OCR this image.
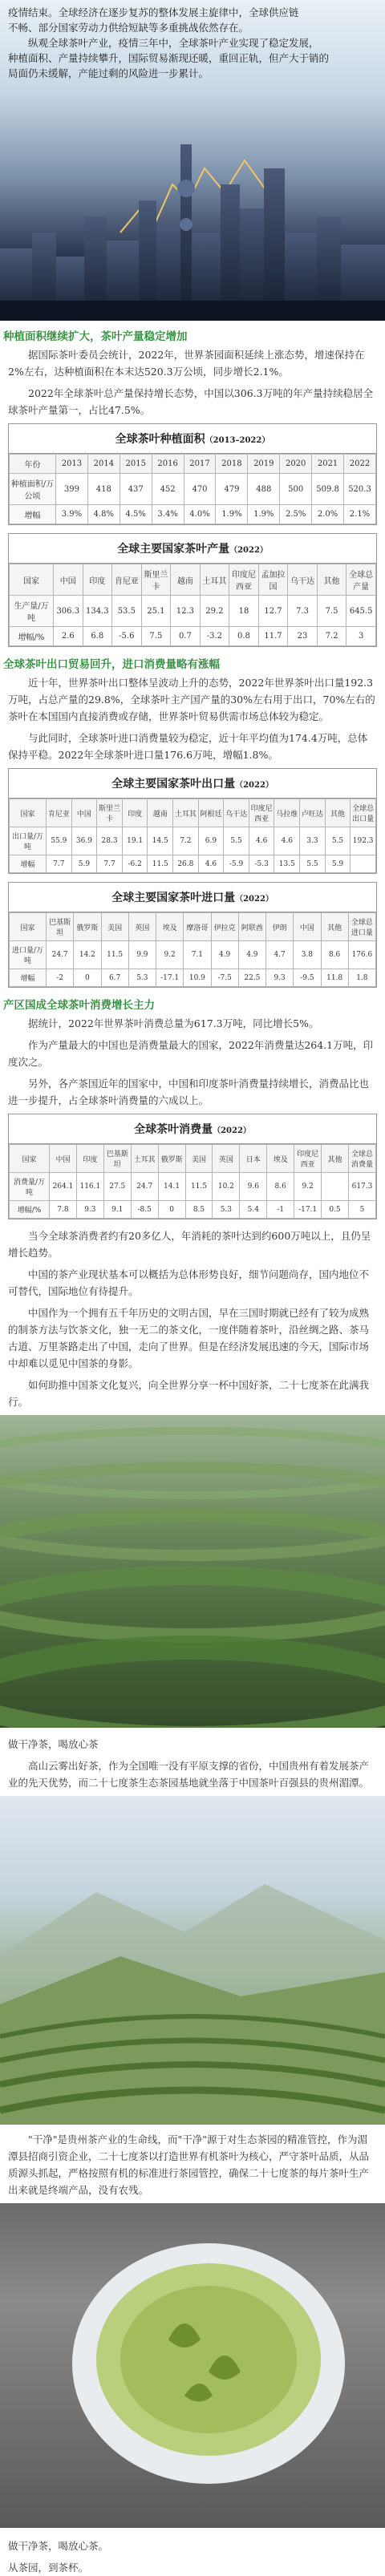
疫情结束。全球经济在逐步复苏的整体发展主旋律中，全球供应链

不畅、部分国家劳动力供给短缺等多重挑战依然存在。

纵观全球茶叶产业，疫情三年中，全球茶叶产业实现了稳定发展，

种植面积、产量持续攀升，国际贸易渐现还暖，重回正轨，但产大于销的

局面仍未缓解，产能过剩的风险进一步累计。

种植面积继续扩大，茶叶产量稳定增加

据国际茶叶委员会统计，2022年，世界茶园面积延续上涨态势，增速保持在2%左右，达种植面积在本末达520.3万公顷，同步增长2.1%。

2022年全球茶叶总产量保持增长态势，中国以306.3万吨的年产量持续稳居全球茶叶产量第一，占比47.5%。

全球茶叶种植面积（2013–2022）
年份	2013	2014	2015	2016	2017	2018	2019	2020	2021	2022
种植面积/万公顷	399	418	437	452	470	479	488	500	509.8	520.3
增幅	3.9%	4.8%	4.5%	3.4%	4.0%	1.9%	1.9%	2.5%	2.0%	2.1%
全球主要国家茶叶产量（2022）
国家	中国	印度	肯尼亚	斯里兰卡	越南	土耳其	印度尼西亚	孟加拉国	乌干达	其他	全球总产量
生产量/万吨	306.3	134.3	53.5	25.1	12.3	29.2	18	12.7	7.3	7.5	645.5
增幅/%	2.6	6.8	-5.6	7.5	0.7	-3.2	0.8	11.7	23	7.2	3
全球茶叶出口贸易回升，进口消费量略有涨幅

近十年，世界茶叶出口整体呈波动上升的态势，2022年世界茶叶出口量192.3万吨，占总产量的29.8%，全球茶叶主产国产量的30%左右用于出口，70%左右的茶叶在本国国内直接消费或存储，世界茶叶贸易供需市场总体较为稳定。

与此同时，全球茶叶进口消费量较为稳定，近十年平均值为174.4万吨，总体保持平稳。2022年全球茶叶进口量176.6万吨，增幅1.8%。

全球主要国家茶叶出口量（2022）
国家	肯尼亚	中国	斯里兰卡	印度	越南	土耳其	阿根廷	乌干达	印度尼西亚	马拉维	卢旺达	其他	全球总出口量
出口量/万吨	55.9	36.9	28.3	19.1	14.5	7.2	6.9	5.5	4.6	4.6	3.3	5.5	192.3
增幅	7.7	5.9	7.7	-6.2	11.5	26.8	4.6	-5.9	-5.3	13.5	5.5	5.9	
全球主要国家茶叶进口量（2022）
国家	巴基斯坦	俄罗斯	美国	英国	埃及	摩洛哥	伊拉克	阿联酋	伊朗	中国	其他	全球总进口量
进口量/万吨	24.7	14.2	11.5	9.9	9.2	7.1	4.9	4.9	4.7	3.8	8.6	176.6
增幅	-2	0	6.7	5.3	-17.1	10.9	-7.5	22.5	9.3	-9.5	11.8	1.8
产区国成全球茶叶消费增长主力

据统计，2022年世界茶叶消费总量为617.3万吨，同比增长5%。

作为产量最大的中国也是消费量最大的国家，2022年消费量达264.1万吨，印度次之。

另外，各产茶国近年的国家中，中国和印度茶叶消费量持续增长，消费品比也进一步提升，占全球茶叶消费量的六成以上。

全球茶叶消费量（2022）
国家	中国	印度	巴基斯坦	土耳其	俄罗斯	美国	英国	日本	埃及	印度尼西亚	其他	全球总消费量
消费量/万吨	264.1	116.1	27.5	24.7	14.1	11.5	10.2	9.6	8.6	9.2		617.3
增幅/%	7.8	9.3	9.1	-8.5	0	8.5	5.3	5.4	-1	-17.1	0.5	5

当今全球茶消费者约有20多亿人，年消耗的茶叶达到约600万吨以上，且仍呈增长趋势。

中国的茶产业现状基本可以概括为总体形势良好，细节问题尚存，国内地位不可替代，国际地位有待提升。

中国作为一个拥有五千年历史的文明古国，早在三国时期就已经有了较为成熟的制茶方法与饮茶文化，独一无二的茶文化，一度伴随着茶叶，沿丝绸之路、茶马古道、万里茶路走出了中国，走向了世界。但是在经济发展迅速的今天，国际市场中却难以觅见中国茶的身影。

如何助推中国茶文化复兴，向全世界分享一杯中国好茶，二十七度茶在此满我行。

做干净茶，喝放心茶

高山云雾出好茶，作为全国唯一没有平原支撑的省份，中国贵州有着发展茶产业的先天优势，而二十七度茶生态茶园基地就坐落于中国茶叶百强县的贵州湄潭。

"干净"是贵州茶产业的生命线，而"干净"源于对生态茶园的精准管控，作为湄潭县招商引资企业，二十七度茶以打造世界有机茶叶为核心，严守茶叶品质，从品质源头抓起，严格按照有机的标准进行茶园管控，确保二十七度茶的每片茶叶生产出来就是终端产品，没有农残。

做干净茶，喝放心茶。

从茶园，到茶杯。
